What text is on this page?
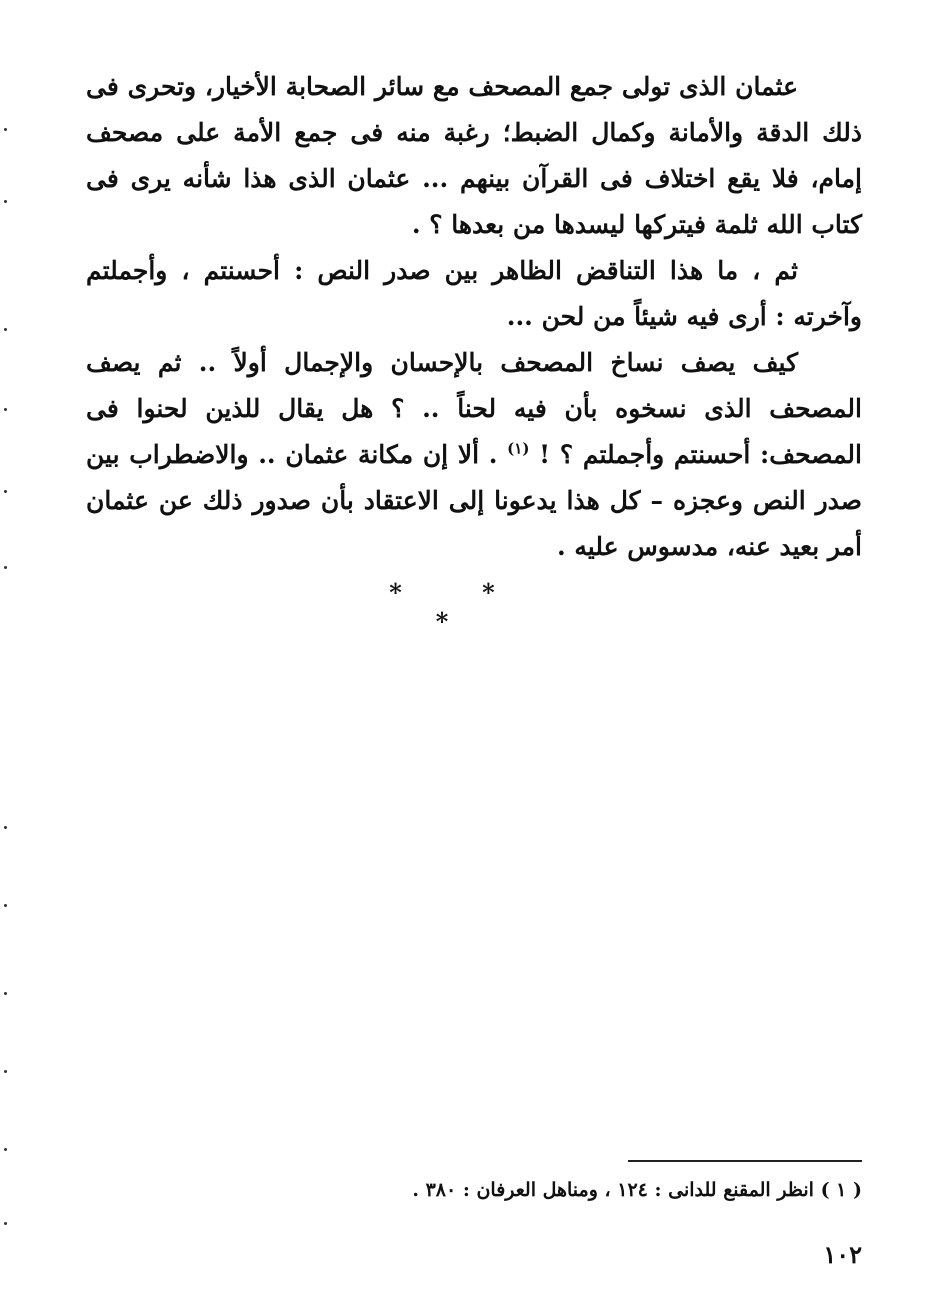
عثمان الذى تولى جمع المصحف مع سائر الصحابة الأخيار، وتحرى فى ذلك الدقة والأمانة وكمال الضبط؛ رغبة منه فى جمع الأمة على مصحف إمام، فلا يقع اختلاف فى القرآن بينهم ... عثمان الذى هذا شأنه يرى فى كتاب الله ثلمة فيتركها ليسدها من بعدها ؟ .
ثم ، ما هذا التناقض الظاهر بين صدر النص : أحسنتم ، وأجملتم وآخرته : أرى فيه شيئاً من لحن ...
كيف يصف نساخ المصحف بالإحسان والإجمال أولاً .. ثم يصف المصحف الذى نسخوه بأن فيه لحناً .. ؟ هل يقال للذين لحنوا فى المصحف: أحسنتم وأجملتم ؟ ! $^{(١)}$ . ألا إن مكانة عثمان .. والاضطراب بين صدر النص وعجزه – كل هذا يدعونا إلى الاعتقاد بأن صدور ذلك عن عثمان أمر بعيد عنه، مدسوس عليه .
* * *
( ١ ) انظر المقنع للدانى : ١٢٤ ، ومناهل العرفان : ٣٨٠ .
١٠٢
